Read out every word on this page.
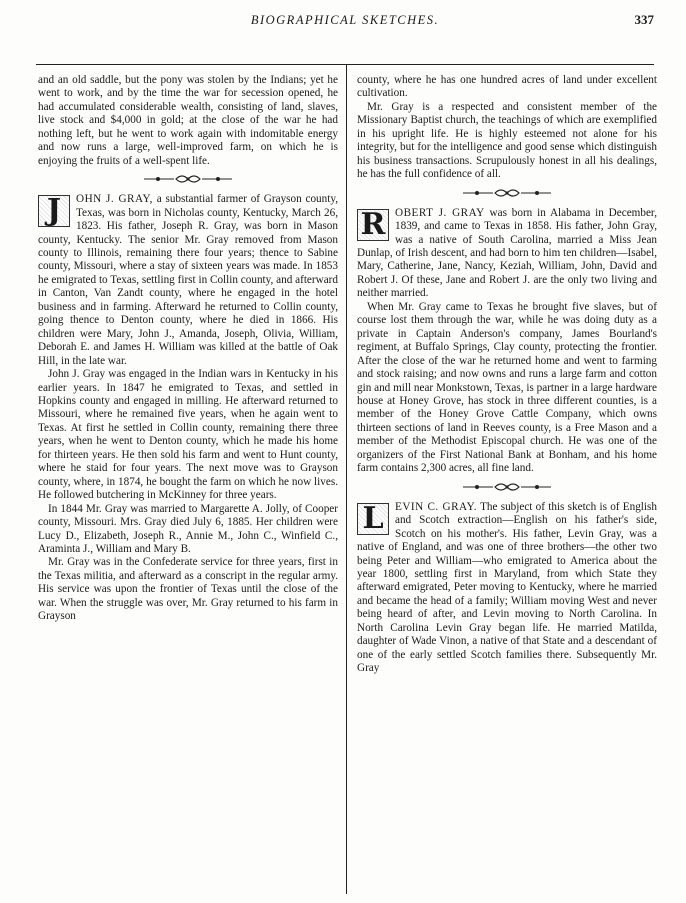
BIOGRAPHICAL SKETCHES.	337

and an old saddle, but the pony was stolen by the Indians; yet he went to work, and by the time the war for secession opened, he had accumulated considerable wealth, consisting of land, slaves, live stock and $4,000 in gold; at the close of the war he had nothing left, but he went to work again with indomitable energy and now runs a large, well-improved farm, on which he is enjoying the fruits of a well-spent life.

J	OHN J. GRAY, a substantial farmer of Grayson county, Texas, was born in Nicholas county, Kentucky, March 26, 1823. His father, Joseph R. Gray, was born in Mason county, Kentucky. The senior Mr. Gray removed from Mason county to Illinois, remaining there four years; thence to Sabine county, Missouri, where a stay of sixteen years was made. In 1853 he emigrated to Texas, settling first in Collin county, and afterward in Canton, Van Zandt county, where he engaged in the hotel business and in farming. Afterward he returned to Collin county, going thence to Denton county, where he died in 1866. His children were Mary, John J., Amanda, Joseph, Olivia, William, Deborah E. and James H. William was killed at the battle of Oak Hill, in the late war.

John J. Gray was engaged in the Indian wars in Kentucky in his earlier years. In 1847 he emigrated to Texas, and settled in Hopkins county and engaged in milling. He afterward returned to Missouri, where he remained five years, when he again went to Texas. At first he settled in Collin county, remaining there three years, when he went to Denton county, which he made his home for thirteen years. He then sold his farm and went to Hunt county, where he staid for four years. The next move was to Grayson county, where, in 1874, he bought the farm on which he now lives. He followed butchering in McKinney for three years.

In 1844 Mr. Gray was married to Margarette A. Jolly, of Cooper county, Missouri. Mrs. Gray died July 6, 1885. Her children were Lucy D., Elizabeth, Joseph R., Annie M., John C., Winfield C., Araminta J., William and Mary B.

Mr. Gray was in the Confederate service for three years, first in the Texas militia, and afterward as a conscript in the regular army. His service was upon the frontier of Texas until the close of the war. When the struggle was over, Mr. Gray returned to his farm in Grayson

county, where he has one hundred acres of land under excellent cultivation.

Mr. Gray is a respected and consistent member of the Missionary Baptist church, the teachings of which are exemplified in his upright life. He is highly esteemed not alone for his integrity, but for the intelligence and good sense which distinguish his business transactions. Scrupulously honest in all his dealings, he has the full confidence of all.

R OBERT J. GRAY was born in Alabama in December, 1839, and came to Texas in 1858. His father, John Gray, was a native of South Carolina, married a Miss Jean Dunlap, of Irish descent, and had born to him ten children—Isabel, Mary, Catherine, Jane, Nancy, Keziah, William, John, David and Robert J. Of these, Jane and Robert J. are the only two living and neither married.

When Mr. Gray came to Texas he brought five slaves, but of course lost them through the war, while he was doing duty as a private in Captain Anderson's company, James Bourland's regiment, at Buffalo Springs, Clay county, protecting the frontier. After the close of the war he returned home and went to farming and stock raising; and now owns and runs a large farm and cotton gin and mill near Monkstown, Texas, is partner in a large hardware house at Honey Grove, has stock in three different counties, is a member of the Honey Grove Cattle Company, which owns thirteen sections of land in Reeves county, is a Free Mason and a member of the Methodist Episcopal church. He was one of the organizers of the First National Bank at Bonham, and his home farm contains 2,300 acres, all fine land.

L	EVIN C. GRAY. The subject of this sketch is of English and Scotch extraction—English on his father's side, Scotch on his mother's. His father, Levin Gray, was a native of England, and was one of three brothers—the other two being Peter and William—who emigrated to America about the year 1800, settling first in Maryland, from which State they afterward emigrated, Peter moving to Kentucky, where he married and became the head of a family; William moving West and never being heard of after, and Levin moving to North Carolina. In North Carolina Levin Gray began life. He married Matilda, daughter of Wade Vinon, a native of that State and a descendant of one of the early settled Scotch families there. Subsequently Mr. Gray
